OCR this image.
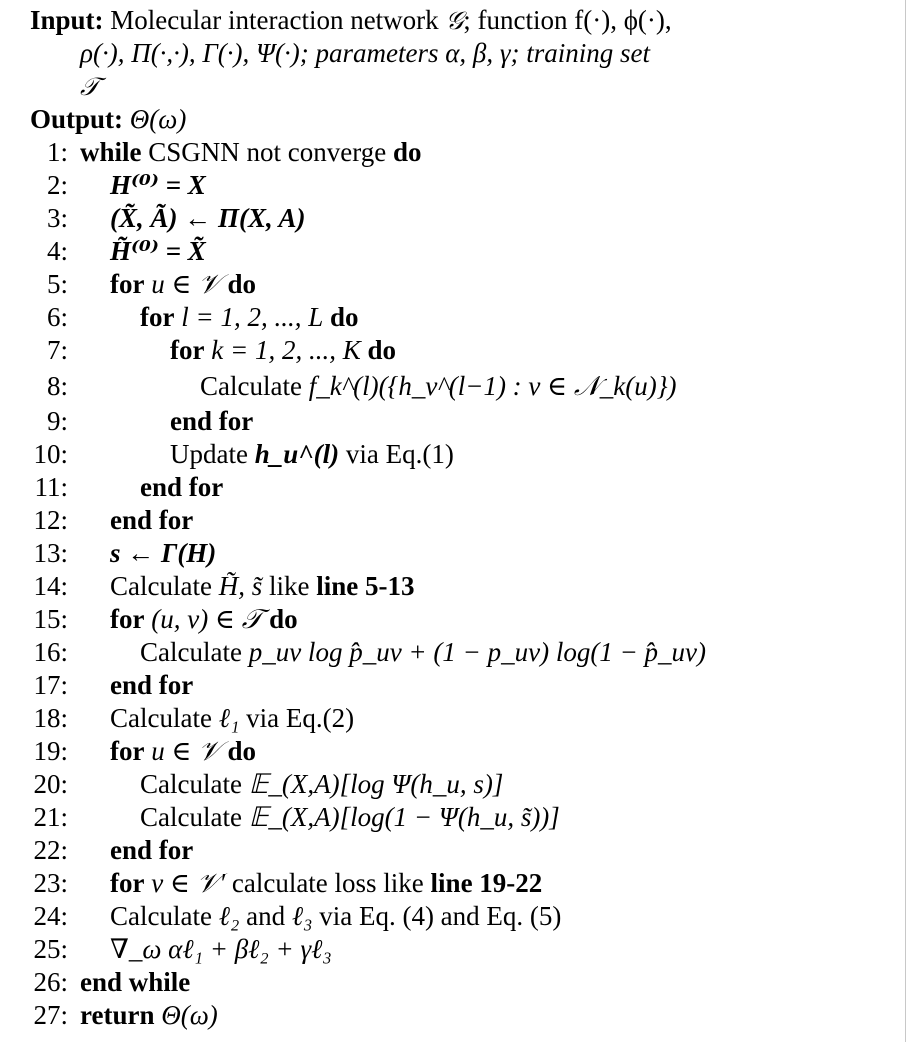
Input: Molecular interaction network 𝒢; function f(·), ϕ(·),
ρ(·), Π(·,·), Γ(·), Ψ(·); parameters α, β, γ; training set
𝒯
Output: Θ(ω)
1: while CSGNN not converge do
2: H⁽⁰⁾ = X
3: (X̃, Ã) ← Π(X, A)
4: H̃⁽⁰⁾ = X̃
5: for u ∈ 𝒱 do
6:	for l = 1, 2, ..., L do
7:	for k = 1, 2, ..., K do
8:	Calculate f_k^(l)({h_v^(l−1) : v ∈ 𝒩_k(u)})
9:	end for
10:	Update h_u^(l) via Eq.(1)
11:	end for
12: end for
13: s ← Γ(H)
14: Calculate H̃, s̃ like line 5-13
15: for (u, v) ∈ 𝒯 do
16:	Calculate p_uv log p̂_uv + (1 − p_uv) log(1 − p̂_uv)
17: end for
18: Calculate ℓ₁ via Eq.(2)
19: for u ∈ 𝒱 do
20:	Calculate 𝔼_(X,A)[log Ψ(h_u, s)]
21:	Calculate 𝔼_(X,A)[log(1 − Ψ(h_u, s̃))]
22: end for
23: for v ∈ 𝒱′ calculate loss like line 19-22
24: Calculate ℓ₂ and ℓ₃ via Eq. (4) and Eq. (5)
25: ∇_ω αℓ₁ + βℓ₂ + γℓ₃
26: end while
27: return Θ(ω)
